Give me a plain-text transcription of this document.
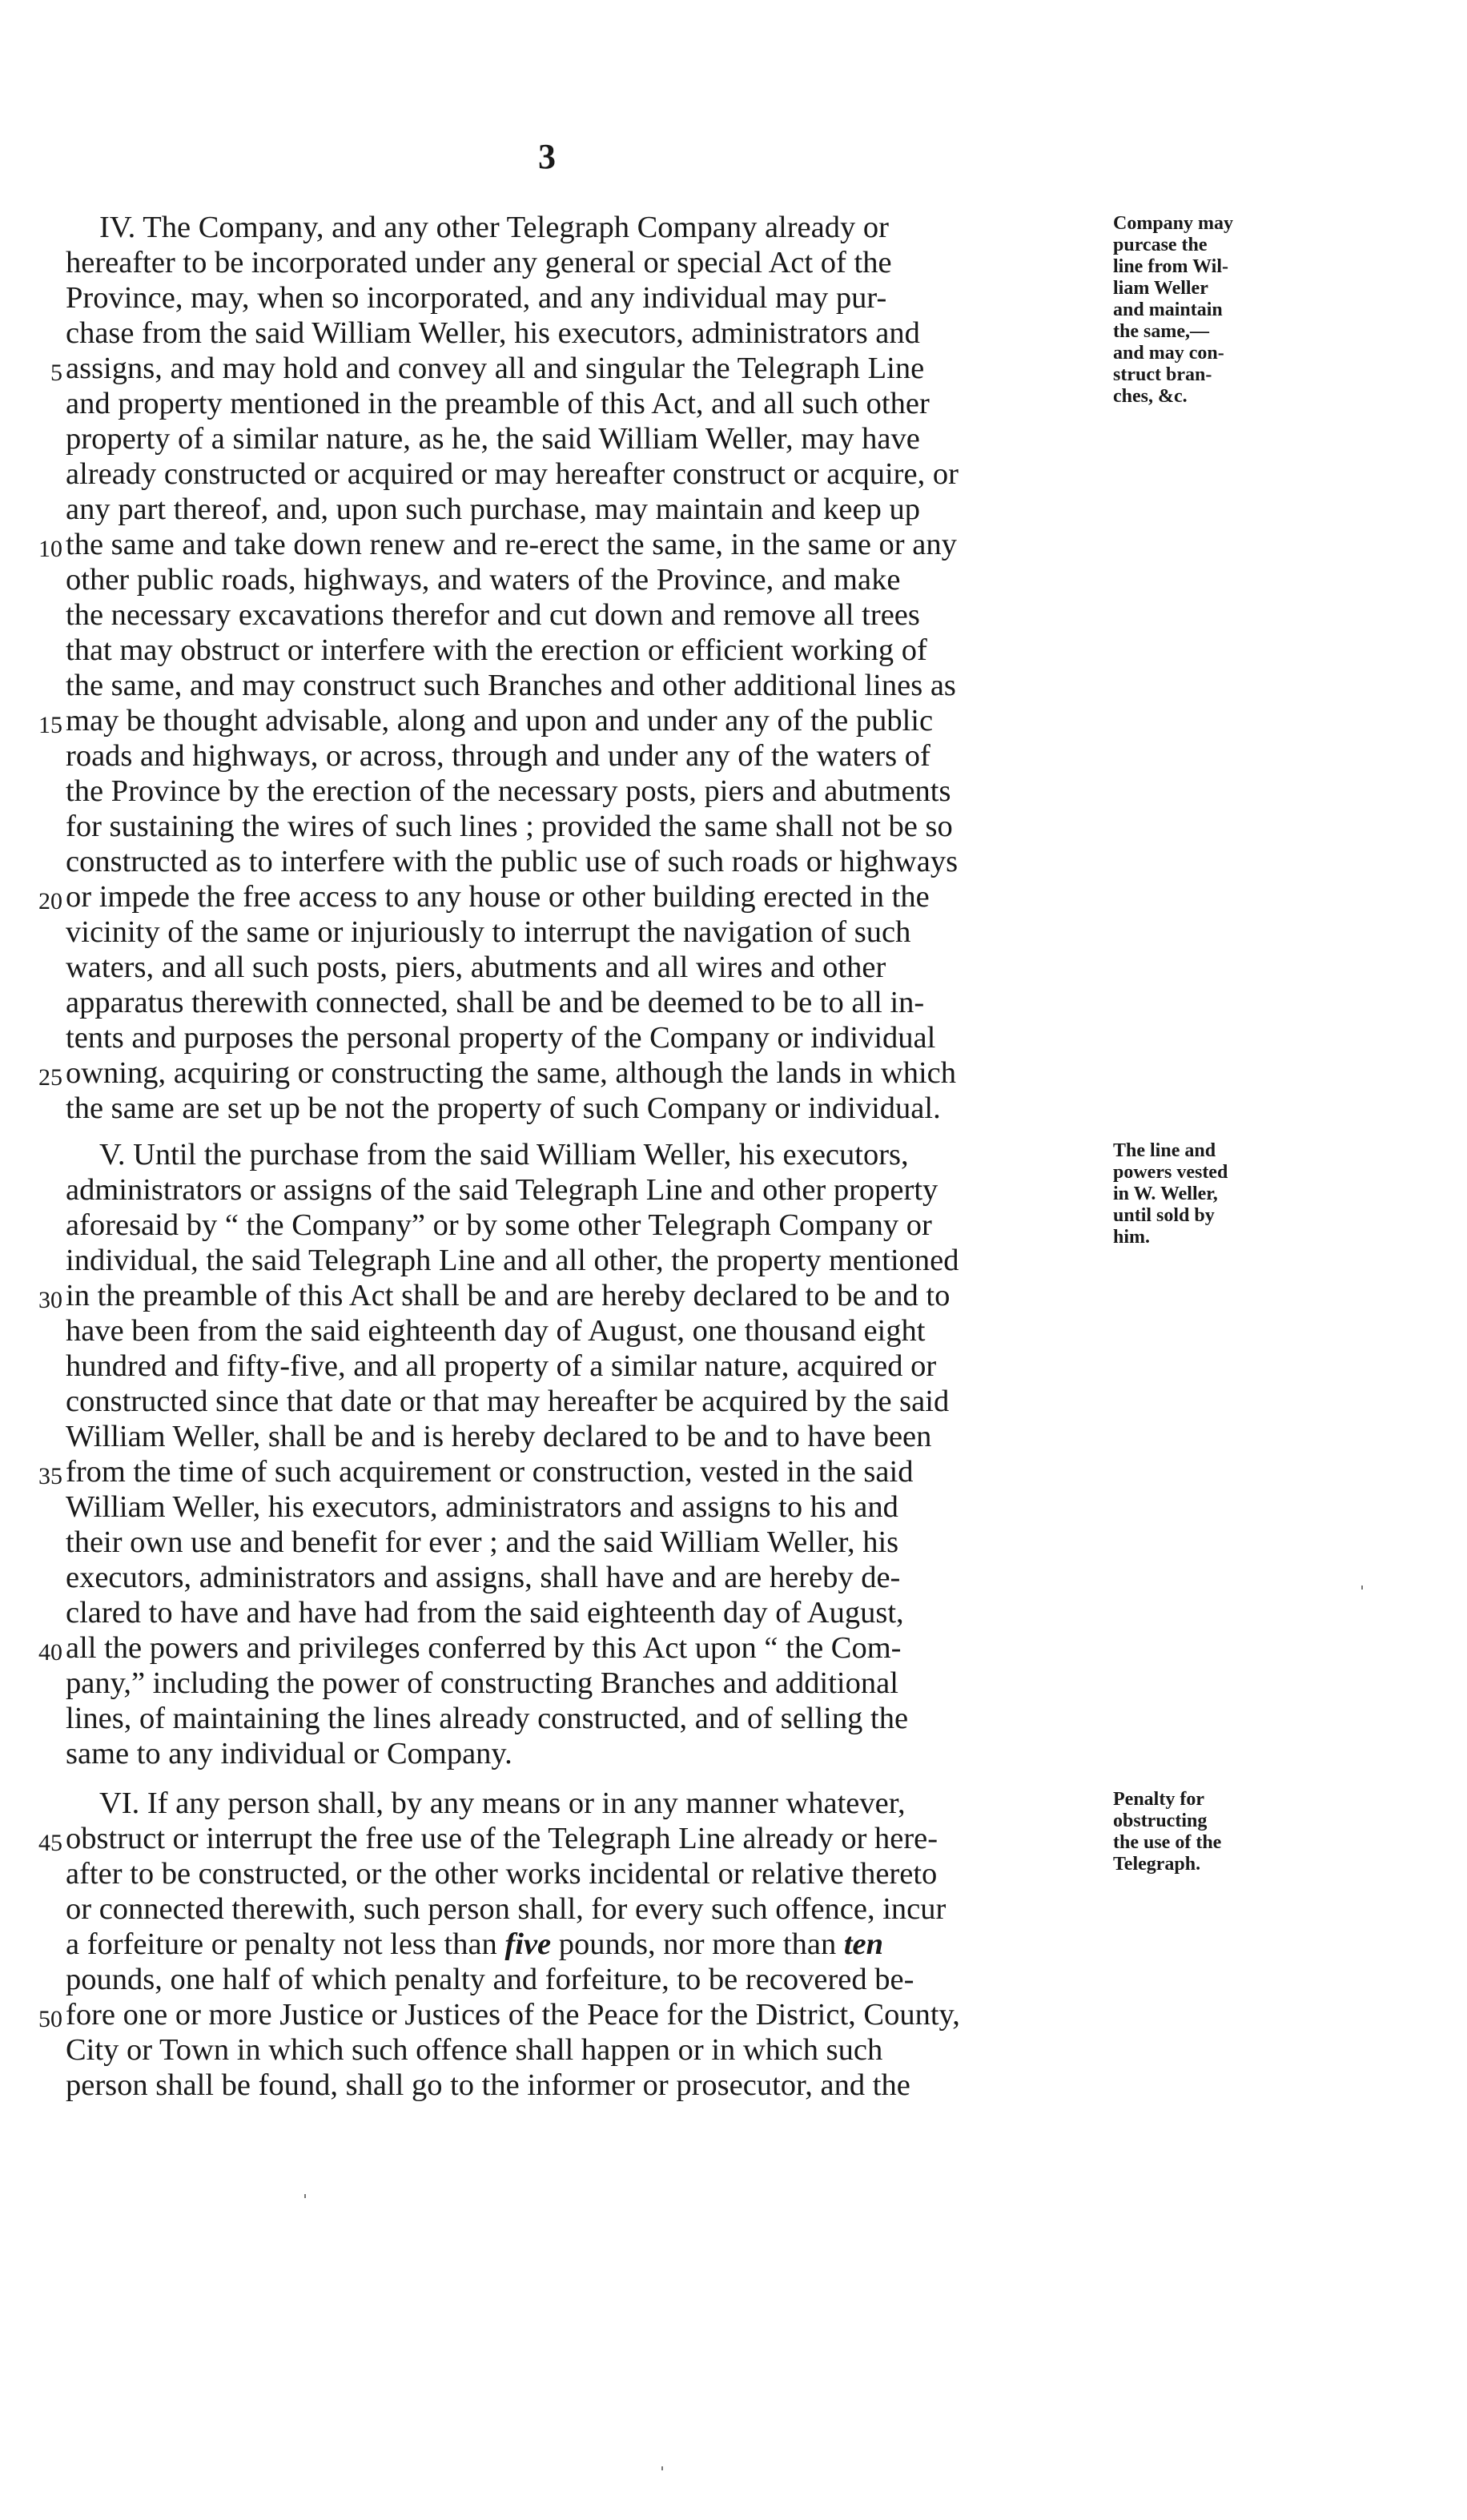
3
IV. The Company, and any other Telegraph Company already or
hereafter to be incorporated under any general or special Act of the
Province, may, when so incorporated, and any individual may pur-
chase from the said William Weller, his executors, administrators and
5 assigns, and may hold and convey all and singular the Telegraph Line
and property mentioned in the preamble of this Act, and all such other
property of a similar nature, as he, the said William Weller, may have
already constructed or acquired or may hereafter construct or acquire, or
any part thereof, and, upon such purchase, may maintain and keep up
10 the same and take down renew and re-erect the same, in the same or any
other public roads, highways, and waters of the Province, and make
the necessary excavations therefor and cut down and remove all trees
that may obstruct or interfere with the erection or efficient working of
the same, and may construct such Branches and other additional lines as
15 may be thought advisable, along and upon and under any of the public
roads and highways, or across, through and under any of the waters of
the Province by the erection of the necessary posts, piers and abutments
for sustaining the wires of such lines ; provided the same shall not be so
constructed as to interfere with the public use of such roads or highways
20 or impede the free access to any house or other building erected in the
vicinity of the same or injuriously to interrupt the navigation of such
waters, and all such posts, piers, abutments and all wires and other
apparatus therewith connected, shall be and be deemed to be to all in-
tents and purposes the personal property of the Company or individual
25 owning, acquiring or constructing the same, although the lands in which
the same are set up be not the property of such Company or individual.
Company may
purcase the
line from Wil-
liam Weller
and maintain
the same,—
and may con-
struct bran-
ches, &c.
V. Until the purchase from the said William Weller, his executors,
administrators or assigns of the said Telegraph Line and other property
aforesaid by “ the Company” or by some other Telegraph Company or
individual, the said Telegraph Line and all other, the property mentioned
30 in the preamble of this Act shall be and are hereby declared to be and to
have been from the said eighteenth day of August, one thousand eight
hundred and fifty-five, and all property of a similar nature, acquired or
constructed since that date or that may hereafter be acquired by the said
William Weller, shall be and is hereby declared to be and to have been
35 from the time of such acquirement or construction, vested in the said
William Weller, his executors, administrators and assigns to his and
their own use and benefit for ever ; and the said William Weller, his
executors, administrators and assigns, shall have and are hereby de-
clared to have and have had from the said eighteenth day of August,
40 all the powers and privileges conferred by this Act upon “ the Com-
pany,” including the power of constructing Branches and additional
lines, of maintaining the lines already constructed, and of selling the
same to any individual or Company.
The line and
powers vested
in W. Weller,
until sold by
him.
VI. If any person shall, by any means or in any manner whatever,
45 obstruct or interrupt the free use of the Telegraph Line already or here-
after to be constructed, or the other works incidental or relative thereto
or connected therewith, such person shall, for every such offence, incur
a forfeiture or penalty not less than five pounds, nor more than ten
pounds, one half of which penalty and forfeiture, to be recovered be-
50 fore one or more Justice or Justices of the Peace for the District, County,
City or Town in which such offence shall happen or in which such
person shall be found, shall go to the informer or prosecutor, and the
Penalty for
obstructing
the use of the
Telegraph.
